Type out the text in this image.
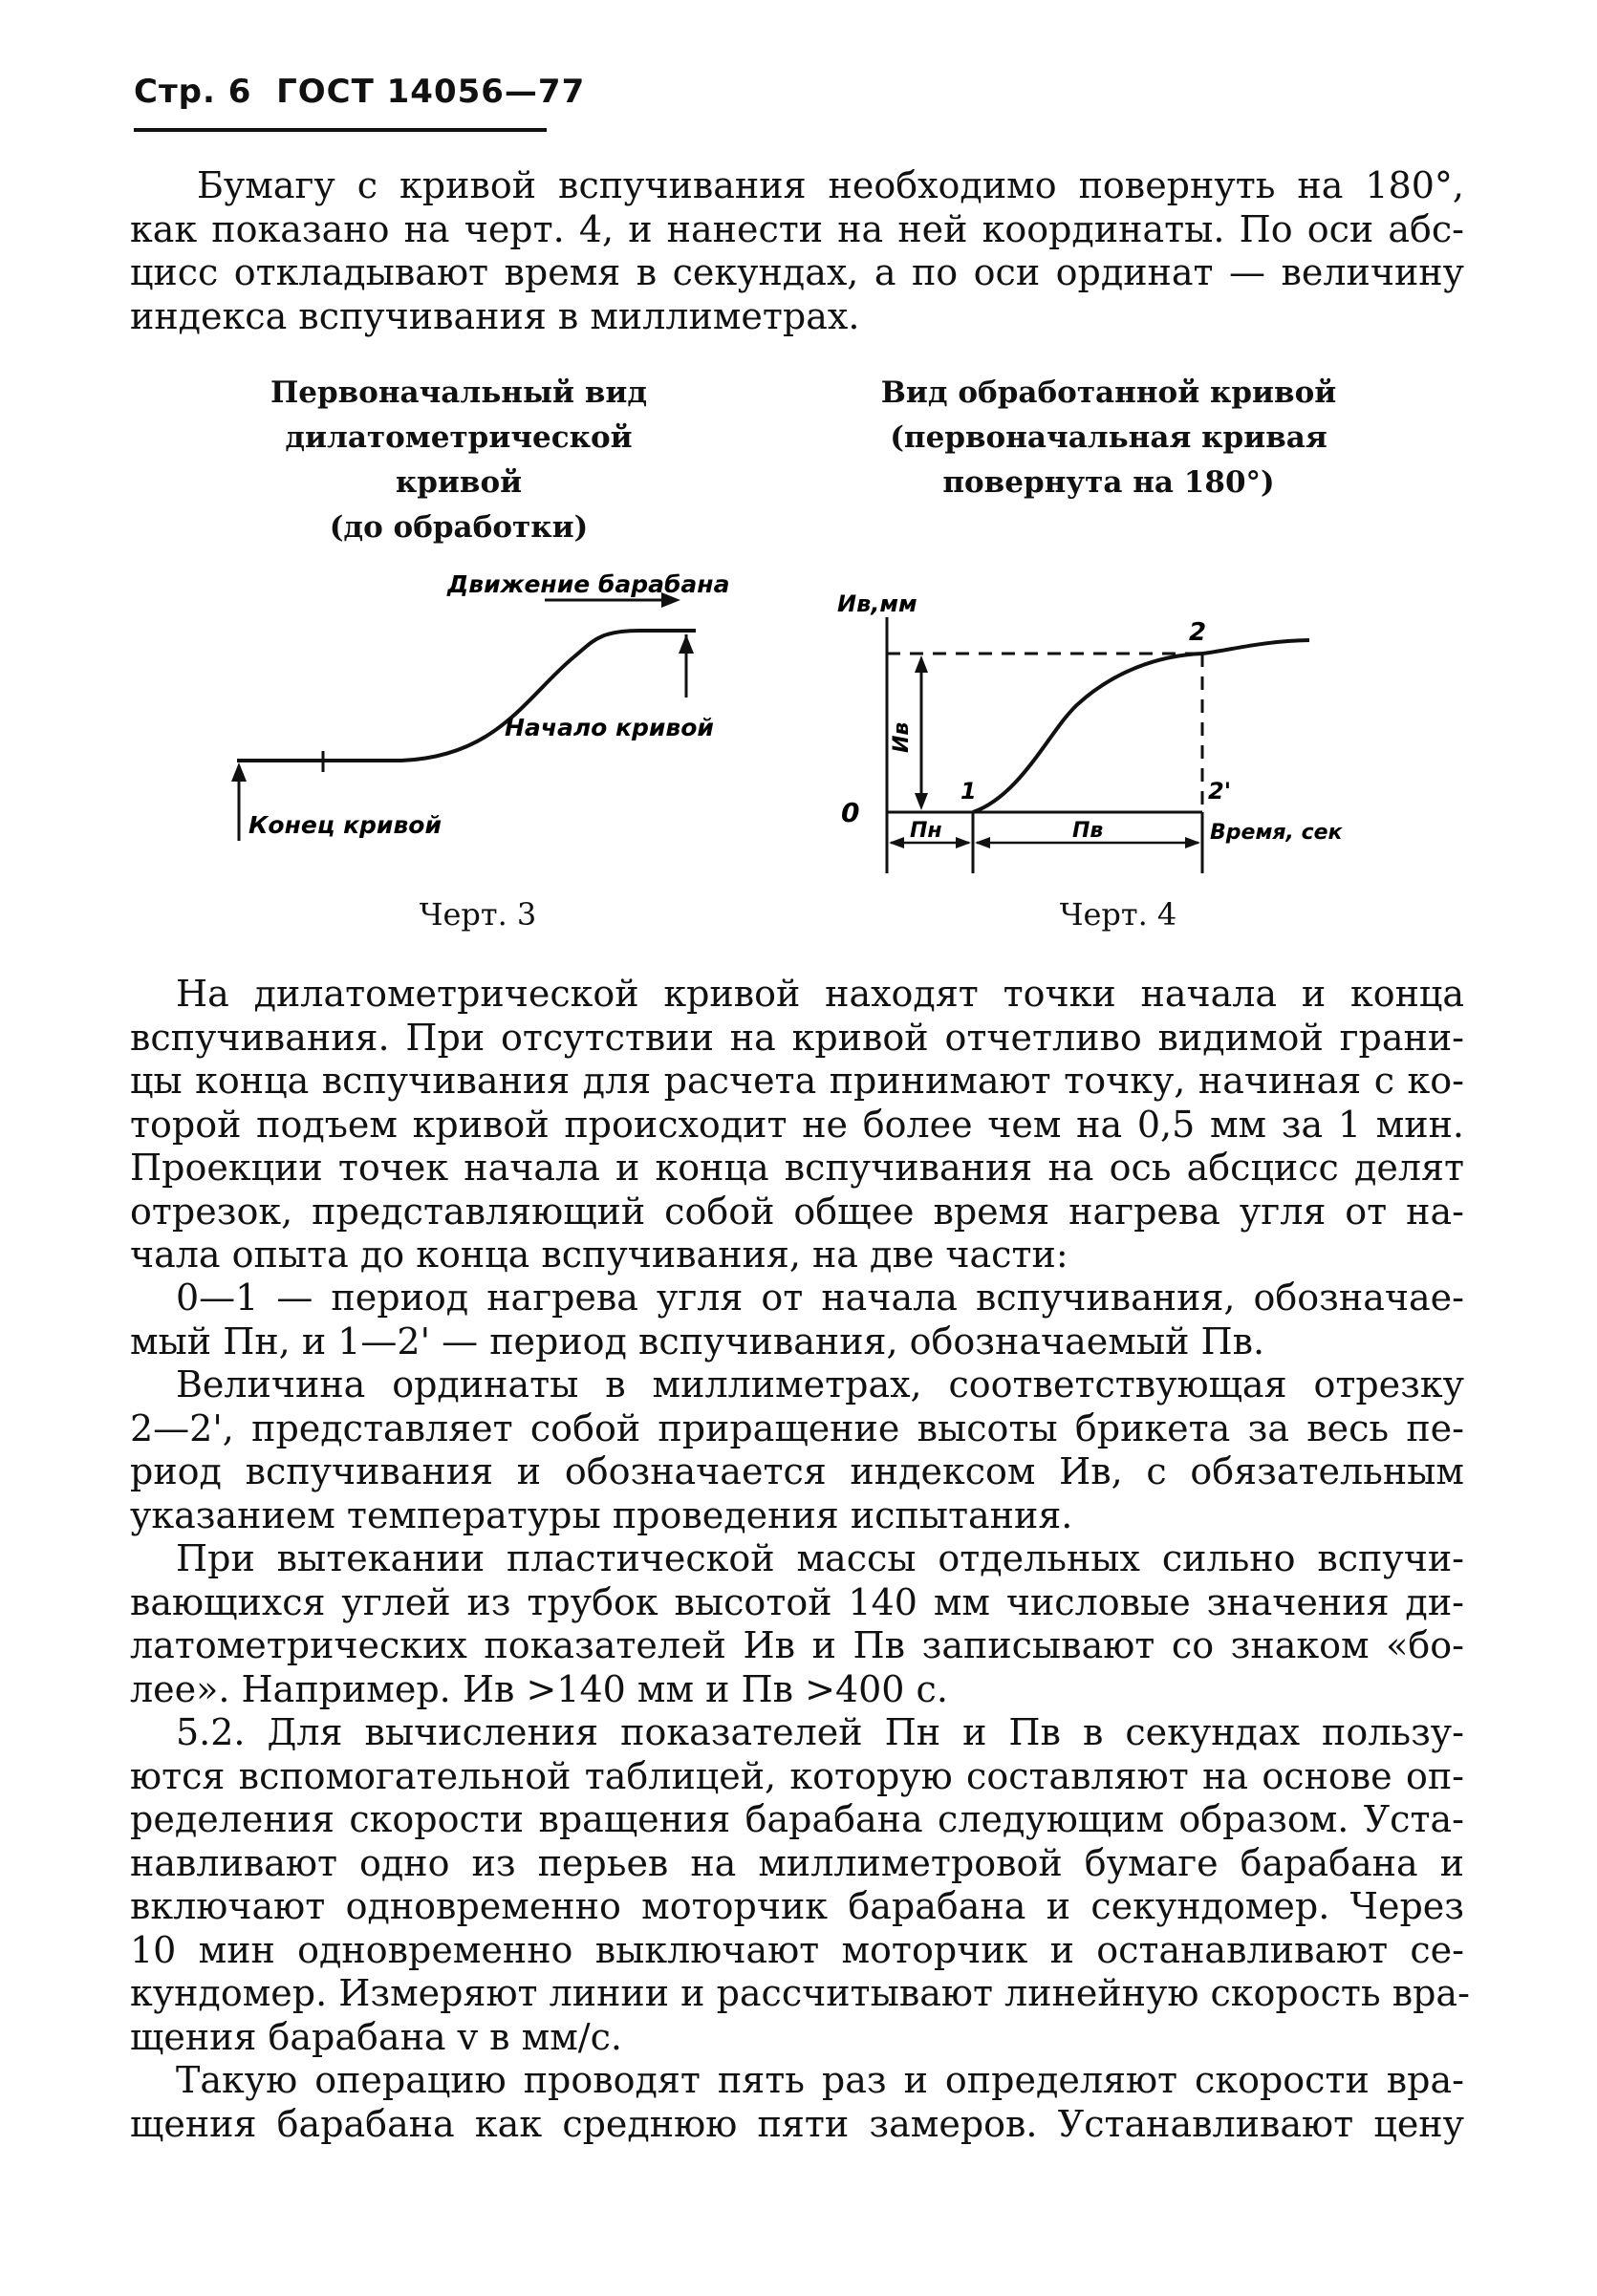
Стр. 6 ГОСТ 14056—77
Бумагу с кривой вспучивания необходимо повернуть на 180°,
как показано на черт. 4, и нанести на ней координаты. По оси абс-
цисс откладывают время в секундах, а по оси ординат — величину
индекса вспучивания в миллиметрах.
Первоначальный вид
дилатометрической кривой
(до обработки)
Вид обработанной кривой
(первоначальная кривая
повернута на 180°)
Движение барабана
Начало кривой
Конец кривой
Черт. 3
Ив,мм
0
Ив
1
2
2'
Пн	Пв	Время, сек
Черт. 4
На дилатометрической кривой находят точки начала и конца
вспучивания. При отсутствии на кривой отчетливо видимой грани-
цы конца вспучивания для расчета принимают точку, начиная с ко-
торой подъем кривой происходит не более чем на 0,5 мм за 1 мин.
Проекции точек начала и конца вспучивания на ось абсцисс делят
отрезок, представляющий собой общее время нагрева угля от на-
чала опыта до конца вспучивания, на две части:
0—1 — период нагрева угля от начала вспучивания, обозначае-
мый Пн, и 1—2' — период вспучивания, обозначаемый Пв.
Величина ординаты в миллиметрах, соответствующая отрезку
2—2', представляет собой приращение высоты брикета за весь пе-
риод вспучивания и обозначается индексом Ив, с обязательным
указанием температуры проведения испытания.
При вытекании пластической массы отдельных сильно вспучи-
вающихся углей из трубок высотой 140 мм числовые значения ди-
латометрических показателей Ив и Пв записывают со знаком «бо-
лее». Например. Ив >140 мм и Пв >400 с.
5.2. Для вычисления показателей Пн и Пв в секундах пользу-
ются вспомогательной таблицей, которую составляют на основе оп-
ределения скорости вращения барабана следующим образом. Уста-
навливают одно из перьев на миллиметровой бумаге барабана и
включают одновременно моторчик барабана и секундомер. Через
10 мин одновременно выключают моторчик и останавливают се-
кундомер. Измеряют линии и рассчитывают линейную скорость вра-
щения барабана v в мм/с.
Такую операцию проводят пять раз и определяют скорости вра-
щения барабана как среднюю пяти замеров. Устанавливают цену
